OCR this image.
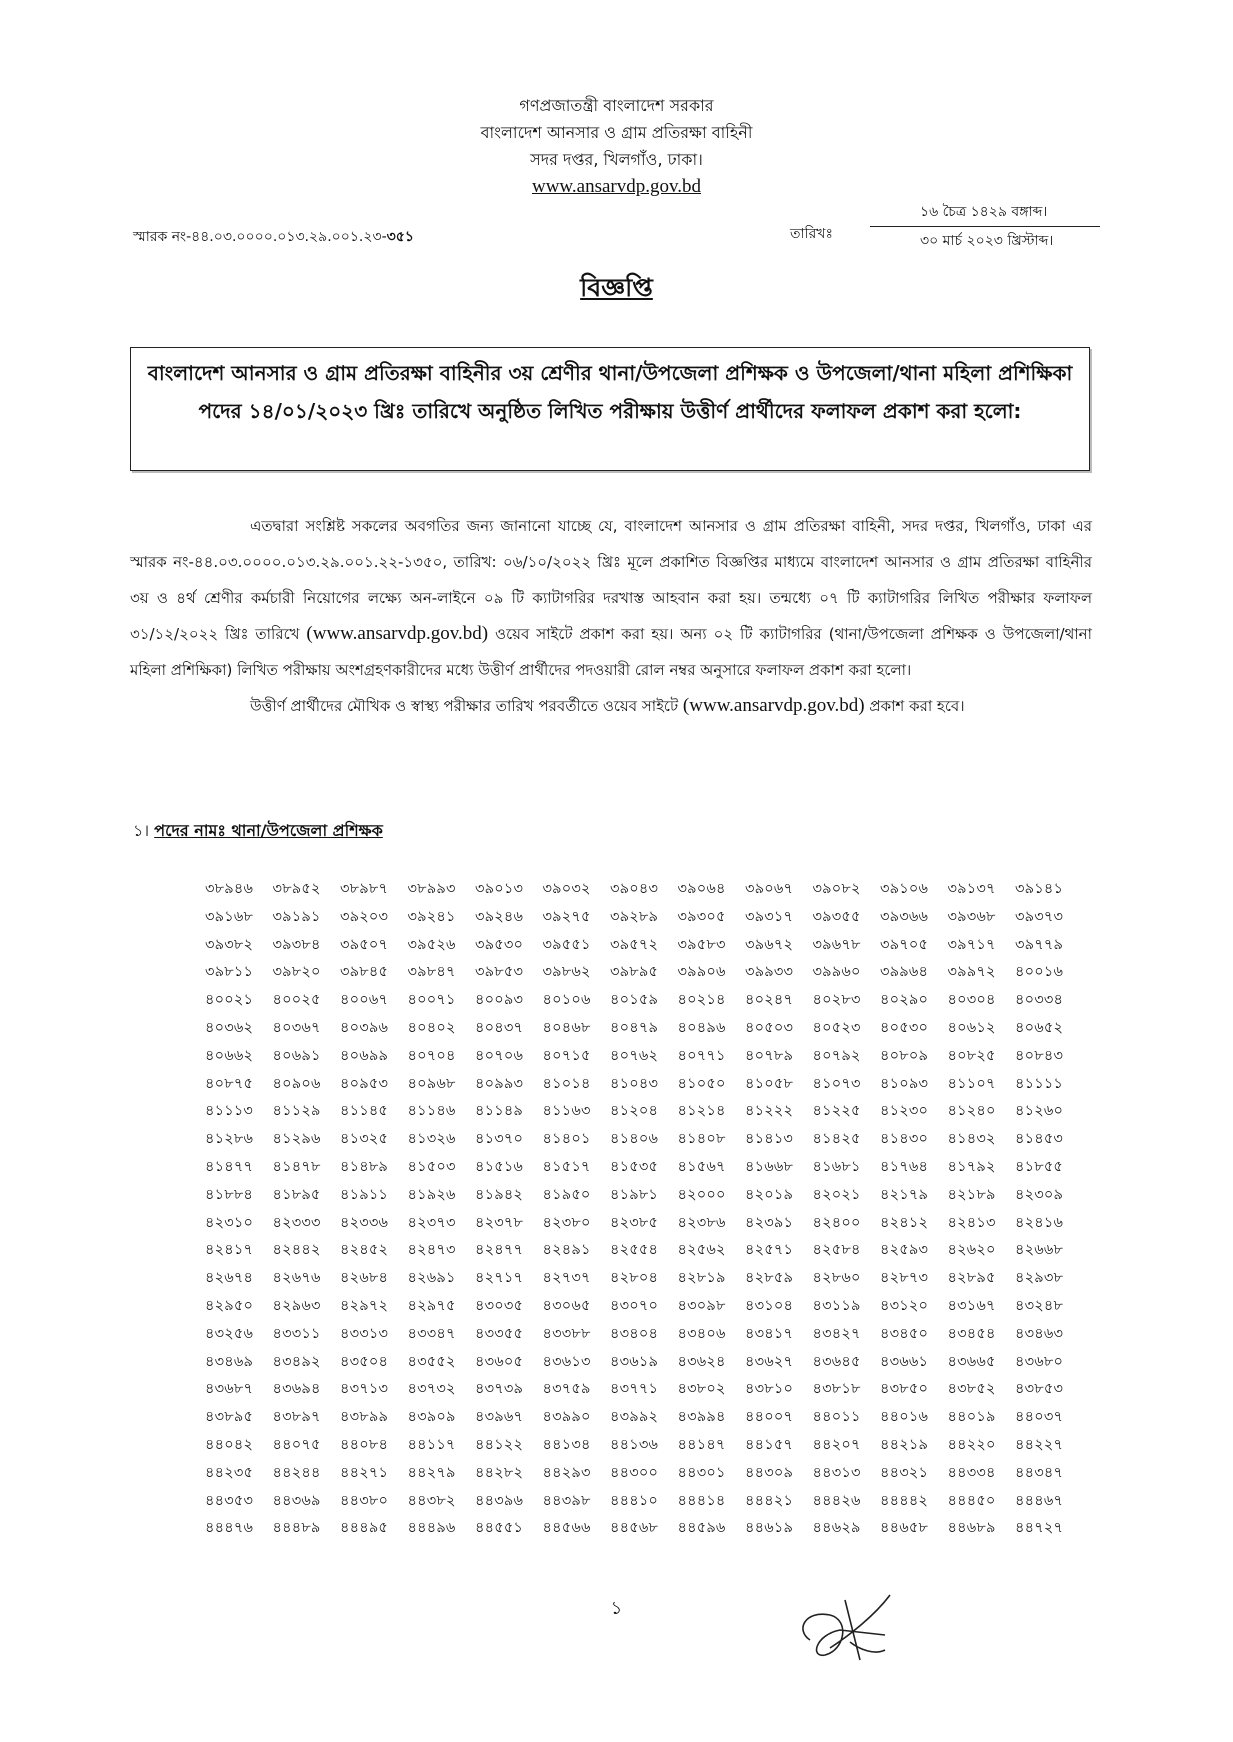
গণপ্রজাতন্ত্রী বাংলাদেশ সরকার
বাংলাদেশ আনসার ও গ্রাম প্রতিরক্ষা বাহিনী
সদর দপ্তর, খিলগাঁও, ঢাকা।
www.ansarvdp.gov.bd
স্মারক নং-৪৪.০৩.০০০০.০১৩.২৯.০০১.২৩-৩৫১	তারিখঃ
১৬ চৈত্র ১৪২৯ বঙ্গাব্দ।
৩০ মার্চ ২০২৩ খ্রিস্টাব্দ।
বিজ্ঞপ্তি
বাংলাদেশ আনসার ও গ্রাম প্রতিরক্ষা বাহিনীর ৩য় শ্রেণীর থানা/উপজেলা প্রশিক্ষক ও উপজেলা/থানা মহিলা প্রশিক্ষিকা পদের ১৪/০১/২০২৩ খ্রিঃ তারিখে অনুষ্ঠিত লিখিত পরীক্ষায় উত্তীর্ণ প্রার্থীদের ফলাফল প্রকাশ করা হলো:

এতদ্বারা সংশ্লিষ্ট সকলের অবগতির জন্য জানানো যাচ্ছে যে, বাংলাদেশ আনসার ও গ্রাম প্রতিরক্ষা বাহিনী, সদর দপ্তর, খিলগাঁও, ঢাকা এর স্মারক নং-৪৪.০৩.০০০০.০১৩.২৯.০০১.২২-১৩৫০, তারিখ: ০৬/১০/২০২২ খ্রিঃ মূলে প্রকাশিত বিজ্ঞপ্তির মাধ্যমে বাংলাদেশ আনসার ও গ্রাম প্রতিরক্ষা বাহিনীর ৩য় ও ৪র্থ শ্রেণীর কর্মচারী নিয়োগের লক্ষ্যে অন-লাইনে ০৯ টি ক্যাটাগরির দরখাস্ত আহবান করা হয়। তন্মধ্যে ০৭ টি ক্যাটাগরির লিখিত পরীক্ষার ফলাফল ৩১/১২/২০২২ খ্রিঃ তারিখে (www.ansarvdp.gov.bd) ওয়েব সাইটে প্রকাশ করা হয়। অন্য ০২ টি ক্যাটাগরির (থানা/উপজেলা প্রশিক্ষক ও উপজেলা/থানা মহিলা প্রশিক্ষিকা) লিখিত পরীক্ষায় অংশগ্রহণকারীদের মধ্যে উত্তীর্ণ প্রার্থীদের পদওয়ারী রোল নম্বর অনুসারে ফলাফল প্রকাশ করা হলো।

উত্তীর্ণ প্রার্থীদের মৌখিক ও স্বাস্থ্য পরীক্ষার তারিখ পরবর্তীতে ওয়েব সাইটে (www.ansarvdp.gov.bd) প্রকাশ করা হবে।

১। পদের নামঃ থানা/উপজেলা প্রশিক্ষক
৩৮৯৪৬	৩৮৯৫২	৩৮৯৮৭	৩৮৯৯৩	৩৯০১৩	৩৯০৩২	৩৯০৪৩	৩৯০৬৪	৩৯০৬৭	৩৯০৮২	৩৯১০৬	৩৯১৩৭	৩৯১৪১
৩৯১৬৮	৩৯১৯১	৩৯২০৩	৩৯২৪১	৩৯২৪৬	৩৯২৭৫	৩৯২৮৯	৩৯৩০৫	৩৯৩১৭	৩৯৩৫৫	৩৯৩৬৬	৩৯৩৬৮	৩৯৩৭৩
৩৯৩৮২	৩৯৩৮৪	৩৯৫০৭	৩৯৫২৬	৩৯৫৩০	৩৯৫৫১	৩৯৫৭২	৩৯৫৮৩	৩৯৬৭২	৩৯৬৭৮	৩৯৭০৫	৩৯৭১৭	৩৯৭৭৯
৩৯৮১১	৩৯৮২০	৩৯৮৪৫	৩৯৮৪৭	৩৯৮৫৩	৩৯৮৬২	৩৯৮৯৫	৩৯৯০৬	৩৯৯৩৩	৩৯৯৬০	৩৯৯৬৪	৩৯৯৭২	৪০০১৬
৪০০২১	৪০০২৫	৪০০৬৭	৪০০৭১	৪০০৯৩	৪০১০৬	৪০১৫৯	৪০২১৪	৪০২৪৭	৪০২৮৩	৪০২৯০	৪০৩০৪	৪০৩৩৪
৪০৩৬২	৪০৩৬৭	৪০৩৯৬	৪০৪০২	৪০৪৩৭	৪০৪৬৮	৪০৪৭৯	৪০৪৯৬	৪০৫০৩	৪০৫২৩	৪০৫৩০	৪০৬১২	৪০৬৫২
৪০৬৬২	৪০৬৯১	৪০৬৯৯	৪০৭০৪	৪০৭০৬	৪০৭১৫	৪০৭৬২	৪০৭৭১	৪০৭৮৯	৪০৭৯২	৪০৮০৯	৪০৮২৫	৪০৮৪৩
৪০৮৭৫	৪০৯০৬	৪০৯৫৩	৪০৯৬৮	৪০৯৯৩	৪১০১৪	৪১০৪৩	৪১০৫০	৪১০৫৮	৪১০৭৩	৪১০৯৩	৪১১০৭	৪১১১১
৪১১১৩	৪১১২৯	৪১১৪৫	৪১১৪৬	৪১১৪৯	৪১১৬৩	৪১২০৪	৪১২১৪	৪১২২২	৪১২২৫	৪১২৩০	৪১২৪০	৪১২৬০
৪১২৮৬	৪১২৯৬	৪১৩২৫	৪১৩২৬	৪১৩৭০	৪১৪০১	৪১৪০৬	৪১৪০৮	৪১৪১৩	৪১৪২৫	৪১৪৩০	৪১৪৩২	৪১৪৫৩
৪১৪৭৭	৪১৪৭৮	৪১৪৮৯	৪১৫০৩	৪১৫১৬	৪১৫১৭	৪১৫৩৫	৪১৫৬৭	৪১৬৬৮	৪১৬৮১	৪১৭৬৪	৪১৭৯২	৪১৮৫৫
৪১৮৮৪	৪১৮৯৫	৪১৯১১	৪১৯২৬	৪১৯৪২	৪১৯৫০	৪১৯৮১	৪২০০০	৪২০১৯	৪২০২১	৪২১৭৯	৪২১৮৯	৪২৩০৯
৪২৩১০	৪২৩৩৩	৪২৩৩৬	৪২৩৭৩	৪২৩৭৮	৪২৩৮০	৪২৩৮৫	৪২৩৮৬	৪২৩৯১	৪২৪০০	৪২৪১২	৪২৪১৩	৪২৪১৬
৪২৪১৭	৪২৪৪২	৪২৪৫২	৪২৪৭৩	৪২৪৭৭	৪২৪৯১	৪২৫৫৪	৪২৫৬২	৪২৫৭১	৪২৫৮৪	৪২৫৯৩	৪২৬২০	৪২৬৬৮
৪২৬৭৪	৪২৬৭৬	৪২৬৮৪	৪২৬৯১	৪২৭১৭	৪২৭৩৭	৪২৮০৪	৪২৮১৯	৪২৮৫৯	৪২৮৬০	৪২৮৭৩	৪২৮৯৫	৪২৯৩৮
৪২৯৫০	৪২৯৬৩	৪২৯৭২	৪২৯৭৫	৪৩০৩৫	৪৩০৬৫	৪৩০৭০	৪৩০৯৮	৪৩১০৪	৪৩১১৯	৪৩১২০	৪৩১৬৭	৪৩২৪৮
৪৩২৫৬	৪৩৩১১	৪৩৩১৩	৪৩৩৪৭	৪৩৩৫৫	৪৩৩৮৮	৪৩৪০৪	৪৩৪০৬	৪৩৪১৭	৪৩৪২৭	৪৩৪৫০	৪৩৪৫৪	৪৩৪৬৩
৪৩৪৬৯	৪৩৪৯২	৪৩৫০৪	৪৩৫৫২	৪৩৬০৫	৪৩৬১৩	৪৩৬১৯	৪৩৬২৪	৪৩৬২৭	৪৩৬৪৫	৪৩৬৬১	৪৩৬৬৫	৪৩৬৮০
৪৩৬৮৭	৪৩৬৯৪	৪৩৭১৩	৪৩৭৩২	৪৩৭৩৯	৪৩৭৫৯	৪৩৭৭১	৪৩৮০২	৪৩৮১০	৪৩৮১৮	৪৩৮৫০	৪৩৮৫২	৪৩৮৫৩
৪৩৮৯৫	৪৩৮৯৭	৪৩৮৯৯	৪৩৯০৯	৪৩৯৬৭	৪৩৯৯০	৪৩৯৯২	৪৩৯৯৪	৪৪০০৭	৪৪০১১	৪৪০১৬	৪৪০১৯	৪৪০৩৭
৪৪০৪২	৪৪০৭৫	৪৪০৮৪	৪৪১১৭	৪৪১২২	৪৪১৩৪	৪৪১৩৬	৪৪১৪৭	৪৪১৫৭	৪৪২০৭	৪৪২১৯	৪৪২২০	৪৪২২৭
৪৪২৩৫	৪৪২৪৪	৪৪২৭১	৪৪২৭৯	৪৪২৮২	৪৪২৯৩	৪৪৩০০	৪৪৩০১	৪৪৩০৯	৪৪৩১৩	৪৪৩২১	৪৪৩৩৪	৪৪৩৪৭
৪৪৩৫৩	৪৪৩৬৯	৪৪৩৮০	৪৪৩৮২	৪৪৩৯৬	৪৪৩৯৮	৪৪৪১০	৪৪৪১৪	৪৪৪২১	৪৪৪২৬	৪৪৪৪২	৪৪৪৫০	৪৪৪৬৭
৪৪৪৭৬	৪৪৪৮৯	৪৪৪৯৫	৪৪৪৯৬	৪৪৫৫১	৪৪৫৬৬	৪৪৫৬৮	৪৪৫৯৬	৪৪৬১৯	৪৪৬২৯	৪৪৬৫৮	৪৪৬৮৯	৪৪৭২৭
১
